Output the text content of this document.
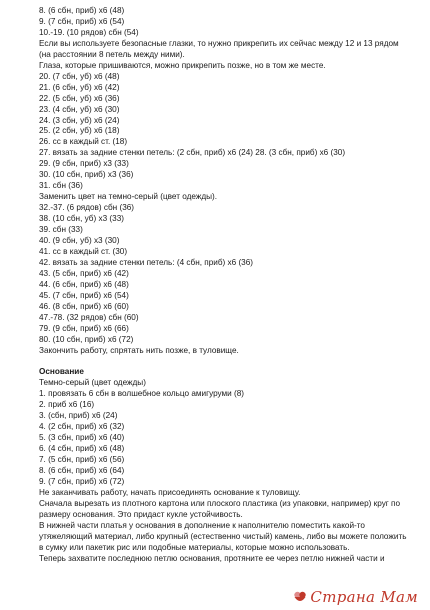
8. (6 сбн, приб) х6 (48)
9. (7 сбн, приб) х6 (54)
10.-19. (10 рядов) сбн (54)
Если вы используете безопасные глазки, то нужно прикрепить их сейчас между 12 и 13 рядом (на расстоянии 8 петель между ними).
Глаза, которые пришиваются, можно прикрепить позже, но в том же месте.
20. (7 сбн, уб) х6 (48)
21. (6 сбн, уб) х6 (42)
22. (5 сбн, уб) х6 (36)
23. (4 сбн, уб) х6 (30)
24. (3 сбн, уб) х6 (24)
25. (2 сбн, уб) х6 (18)
26. сс в каждый ст. (18)
27. вязать за задние стенки петель: (2 сбн, приб) х6 (24) 28. (3 сбн, приб) х6 (30)
29. (9 сбн, приб) х3 (33)
30. (10 сбн, приб) х3 (36)
31. сбн (36)
Заменить цвет на темно-серый (цвет одежды).
32.-37. (6 рядов) сбн (36)
38. (10 сбн, уб) х3 (33)
39. сбн (33)
40. (9 сбн, уб) х3 (30)
41. сс в каждый ст. (30)
42. вязать за задние стенки петель: (4 сбн, приб) х6 (36)
43. (5 сбн, приб) х6 (42)
44. (6 сбн, приб) х6 (48)
45. (7 сбн, приб) х6 (54)
46. (8 сбн, приб) х6 (60)
47.-78. (32 рядов) сбн (60)
79. (9 сбн, приб) х6 (66)
80. (10 сбн, приб) х6 (72)
Закончить работу, спрятать нить позже, в туловище.
Основание
Темно-серый (цвет одежды)
1. провязать 6 сбн в волшебное кольцо амигуруми (8)
2. приб х6 (16)
3. (сбн, приб) х6 (24)
4. (2 сбн, приб) х6 (32)
5. (3 сбн, приб) х6 (40)
6. (4 сбн, приб) х6 (48)
7. (5 сбн, приб) х6 (56)
8. (6 сбн, приб) х6 (64)
9. (7 сбн, приб) х6 (72)
Не заканчивать работу, начать присоединять основание к туловищу.
Сначала вырезать из плотного картона или плоского пластика (из упаковки, например) круг по размеру основания. Это придаст кукле устойчивость.
В нижней части платья у основания в дополнение к наполнителю поместить какой-то утяжеляющий материал, либо крупный (естественно чистый) камень, либо вы можете положить в сумку или пакетик рис или подобные материалы, которые можно использовать.
Теперь захватите последнюю петлю основания, протяните ее через петлю нижней части и
Страна Мам
